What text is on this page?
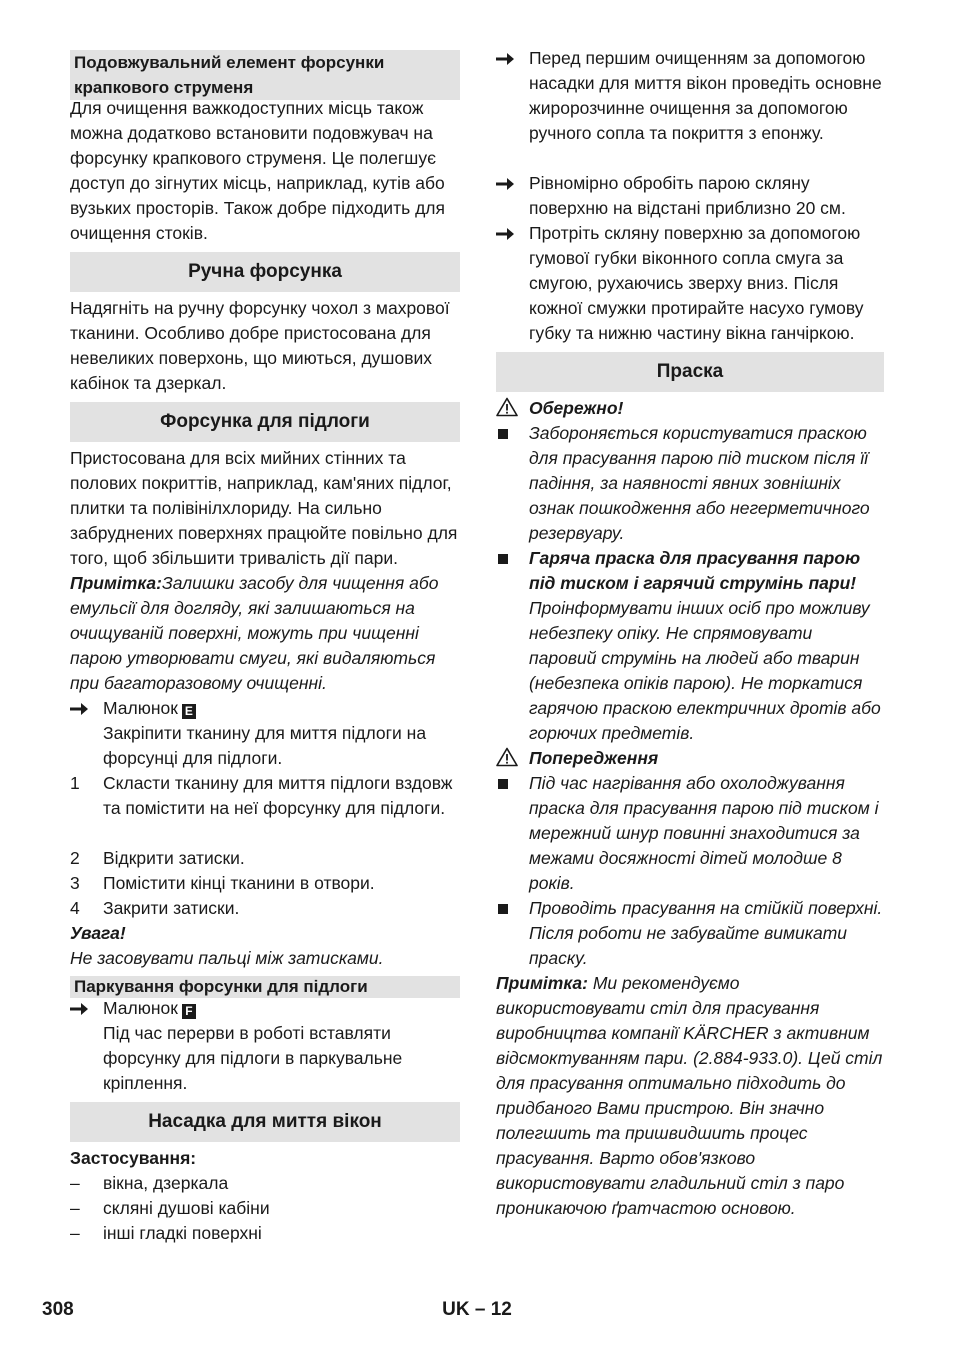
Подовжувальний елемент форсунки крапкового струменя

Для очищення важкодоступних місць також можна додатково встановити подовжувач на форсунку крапкового струменя. Це полегшує доступ до зігнутих місць, наприклад, кутів або вузьких просторів. Також добре підходить для очищення стоків.

Ручна форсунка

Надягніть на ручну форсунку чохол з махрової тканини. Особливо добре пристосована для невеликих поверхонь, що миються, душових кабінок та дзеркал.

Форсунка для підлоги

Пристосована для всіх мийних стінних та полових покриттів, наприклад, кам'яних підлог, плитки та полівінілхлориду. На сильно забруднених поверхнях працюйте повільно для того, щоб збільшити тривалість дії пари.

Примітка:Залишки засобу для чищення або емульсії для догляду, які залишаються на очищуваній поверхні, можуть при чищенні парою утворювати смуги, які видаляються при багаторазовому очищенні.

Малюнок E
Закріпити тканину для миття підлоги на форсунці для підлоги.
1	Скласти тканину для миття підлоги вздовж та помістити на неї форсунку для підлоги.
2	Відкрити затиски.
3	Помістити кінці тканини в отвори.
4	Закрити затиски.
Увага!
Не засовувати пальці між затисками.
Паркування форсунки для підлоги
Малюнок F
Під час перерви в роботі вставляти форсунку для підлоги в паркувальне кріплення.
Насадка для миття вікон
Застосування:
–	вікна, дзеркала
–	скляні душові кабіни
–	інші гладкі поверхні
Перед першим очищенням за допомогою насадки для миття вікон проведіть основне жиророзчинне очищення за допомогою ручного сопла та покриття з епонжу.
Рівномірно обробіть парою скляну поверхню на відстані приблизно 20 см.
Протріть скляну поверхню за допомогою гумової губки віконного сопла смуга за смугою, рухаючись зверху вниз. Після кожної смужки протирайте насухо гумову губку та нижню частину вікна ганчіркою.
Праска
Обережно!
Забороняється користуватися праскою для прасування парою під тиском після її падіння, за наявності явних зовнішніх ознак пошкодження або негерметичного резервуару.
Гаряча праска для прасування парою під тиском і гарячий струмінь пари!
Проінформувати інших осіб про можливу небезпеку опіку. Не спрямовувати паровий струмінь на людей або тварин (небезпека опіків парою). Не торкатися гарячою праскою електричних дротів або горючих предметів.
Попередження
Під час нагрівання або охолоджування праска для прасування парою під тиском і мережний шнур повинні знаходитися за межами досяжності дітей молодше 8 років.
Проводіть прасування на стійкій поверхні. Після роботи не забувайте вимикати праску.

Примітка: Ми рекомендуємо використовувати стіл для прасування виробництва компанії KÄRCHER з активним відсмоктуванням пари. (2.884-933.0). Цей стіл для прасування оптимально підходить до придбаного Вами пристрою. Він значно полегшить та пришвидшить процес прасування. Варто обов'язково використовувати гладильний стіл з паро проникаючою ґратчастою основою.

308	UK – 12
